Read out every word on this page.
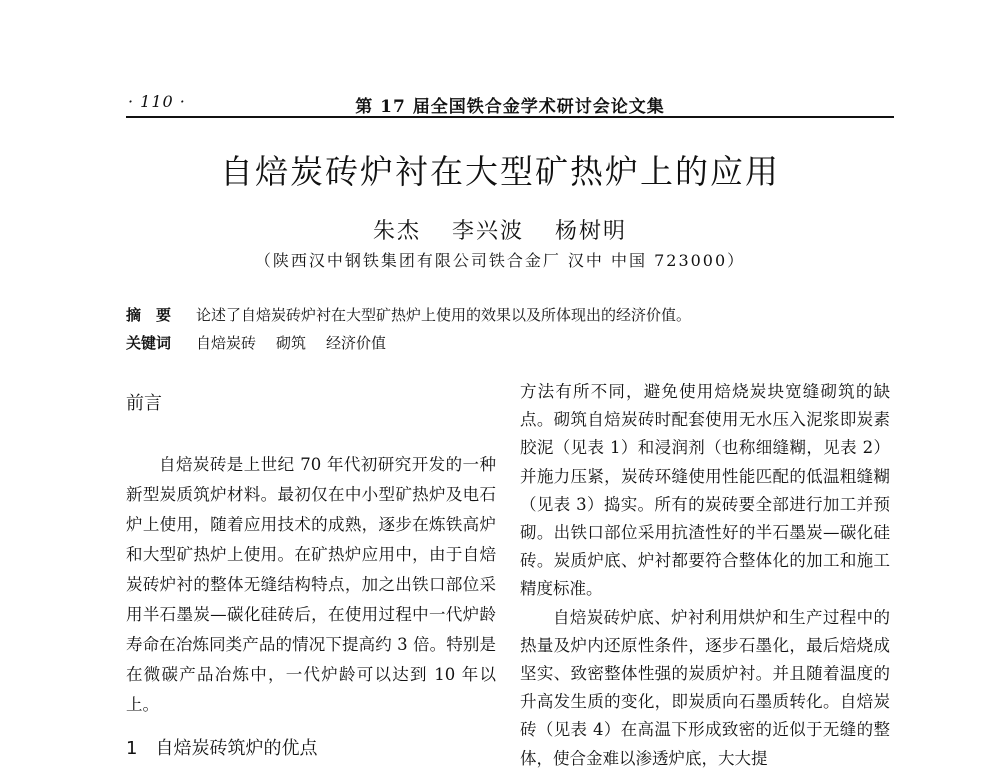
· 110 ·	第 17 届全国铁合金学术研讨会论文集
自焙炭砖炉衬在大型矿热炉上的应用
朱杰 李兴波 杨树明
（陕西汉中钢铁集团有限公司铁合金厂 汉中 中国 723000）
摘　要	论述了自焙炭砖炉衬在大型矿热炉上使用的效果以及所体现出的经济价值。
关键词	自焙炭砖 砌筑 经济价值
前言
自焙炭砖是上世纪 70 年代初研究开发的一种新型炭质筑炉材料。最初仅在中小型矿热炉及电石炉上使用，随着应用技术的成熟，逐步在炼铁高炉和大型矿热炉上使用。在矿热炉应用中，由于自焙炭砖炉衬的整体无缝结构特点，加之出铁口部位采用半石墨炭—碳化硅砖后，在使用过程中一代炉龄寿命在冶炼同类产品的情况下提高约 3 倍。特别是在微碳产品冶炼中，一代炉龄可以达到 10 年以上。
1　自焙炭砖筑炉的优点
方法有所不同，避免使用焙烧炭块宽缝砌筑的缺点。砌筑自焙炭砖时配套使用无水压入泥浆即炭素胶泥（见表 1）和浸润剂（也称细缝糊，见表 2）并施力压紧，炭砖环缝使用性能匹配的低温粗缝糊（见表 3）捣实。所有的炭砖要全部进行加工并预砌。出铁口部位采用抗渣性好的半石墨炭—碳化硅砖。炭质炉底、炉衬都要符合整体化的加工和施工精度标准。
自焙炭砖炉底、炉衬利用烘炉和生产过程中的热量及炉内还原性条件，逐步石墨化，最后焙烧成坚实、致密整体性强的炭质炉衬。并且随着温度的升高发生质的变化，即炭质向石墨质转化。自焙炭砖（见表 4）在高温下形成致密的近似于无缝的整体，使合金难以渗透炉底，大大提
